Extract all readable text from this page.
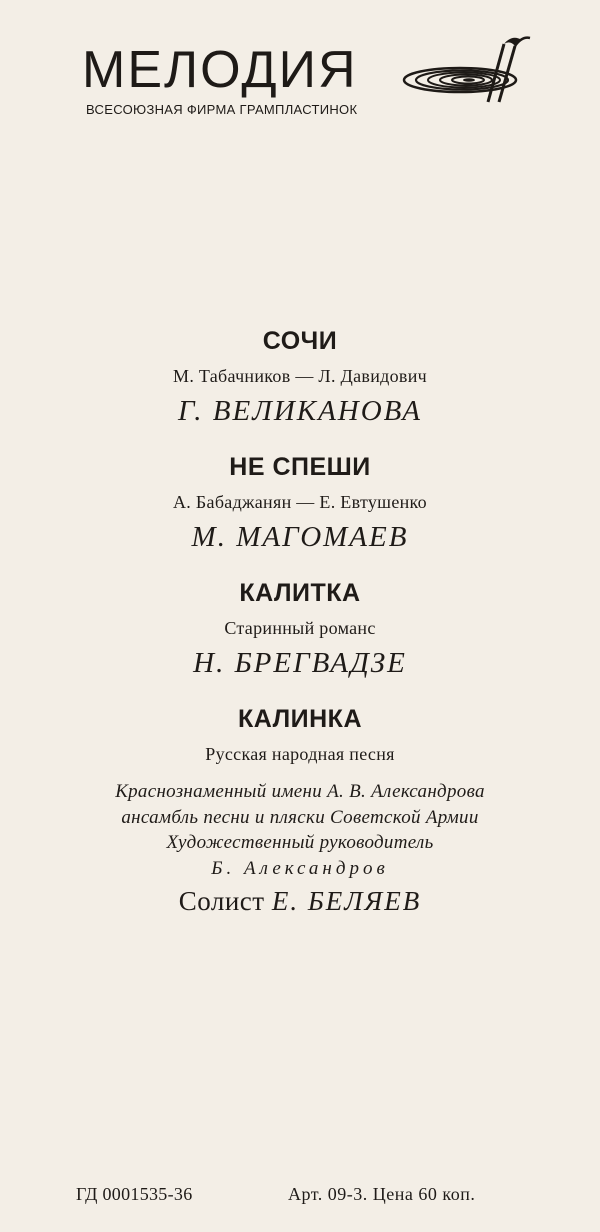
МЕЛОДИЯ
ВСЕСОЮЗНАЯ ФИРМА ГРАМПЛАСТИНОК

СОЧИ

М. Табачников — Л. Давидович

Г. ВЕЛИКАНОВА

НЕ СПЕШИ

А. Бабаджанян — Е. Евтушенко

М. МАГОМАЕВ

КАЛИТКА

Старинный романс

Н. БРЕГВАДЗЕ

КАЛИНКА

Русская народная песня

Краснознаменный имени А. В. Александрова
ансамбль песни и пляски Советской Армии
Художественный руководитель
Б. Александров
Солист Е. БЕЛЯЕВ
ГД 0001535-36	Арт. 09-3. Цена 60 коп.
